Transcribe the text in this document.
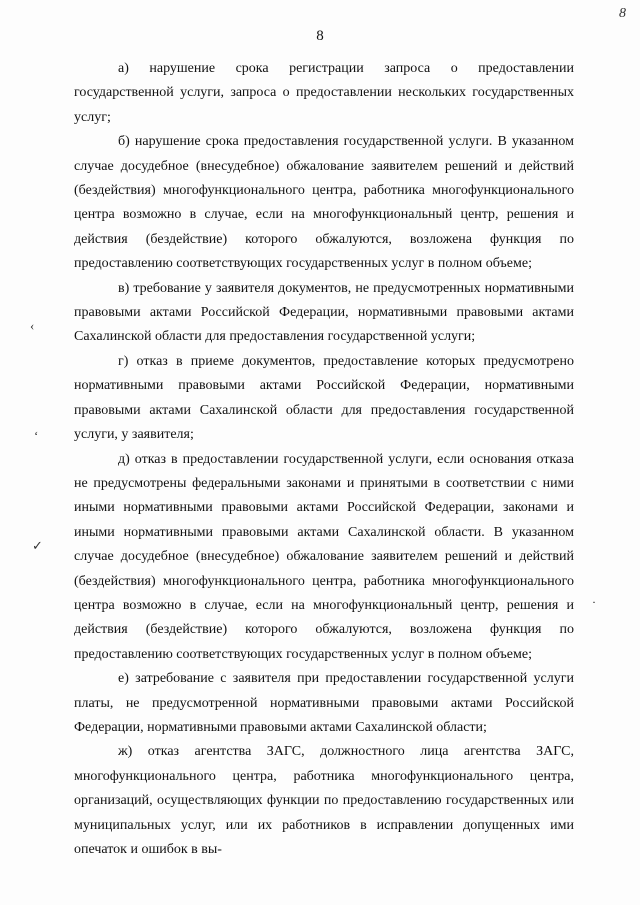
8
8
‹
ʻ
✓
·

а) нарушение срока регистрации запроса о предоставлении государственной услуги, запроса о предоставлении нескольких государственных услуг;

б) нарушение срока предоставления государственной услуги. В указанном случае досудебное (внесудебное) обжалование заявителем решений и действий (бездействия) многофункционального центра, работника многофункционального центра возможно в случае, если на многофункциональный центр, решения и действия (бездействие) которого обжалуются, возложена функция по предоставлению соответствующих государственных услуг в полном объеме;

в) требование у заявителя документов, не предусмотренных нормативными правовыми актами Российской Федерации, нормативными правовыми актами Сахалинской области для предоставления государственной услуги;

г) отказ в приеме документов, предоставление которых предусмотрено нормативными правовыми актами Российской Федерации, нормативными правовыми актами Сахалинской области для предоставления государственной услуги, у заявителя;

д) отказ в предоставлении государственной услуги, если основания отказа не предусмотрены федеральными законами и принятыми в соответствии с ними иными нормативными правовыми актами Российской Федерации, законами и иными нормативными правовыми актами Сахалинской области. В указанном случае досудебное (внесудебное) обжалование заявителем решений и действий (бездействия) многофункционального центра, работника многофункционального центра возможно в случае, если на многофункциональный центр, решения и действия (бездействие) которого обжалуются, возложена функция по предоставлению соответствующих государственных услуг в полном объеме;

е) затребование с заявителя при предоставлении государственной услуги платы, не предусмотренной нормативными правовыми актами Российской Федерации, нормативными правовыми актами Сахалинской области;

ж) отказ агентства ЗАГС, должностного лица агентства ЗАГС, многофункционального центра, работника многофункционального центра, организаций, осуществляющих функции по предоставлению государственных или муниципальных услуг, или их работников в исправлении допущенных ими опечаток и ошибок в вы-
